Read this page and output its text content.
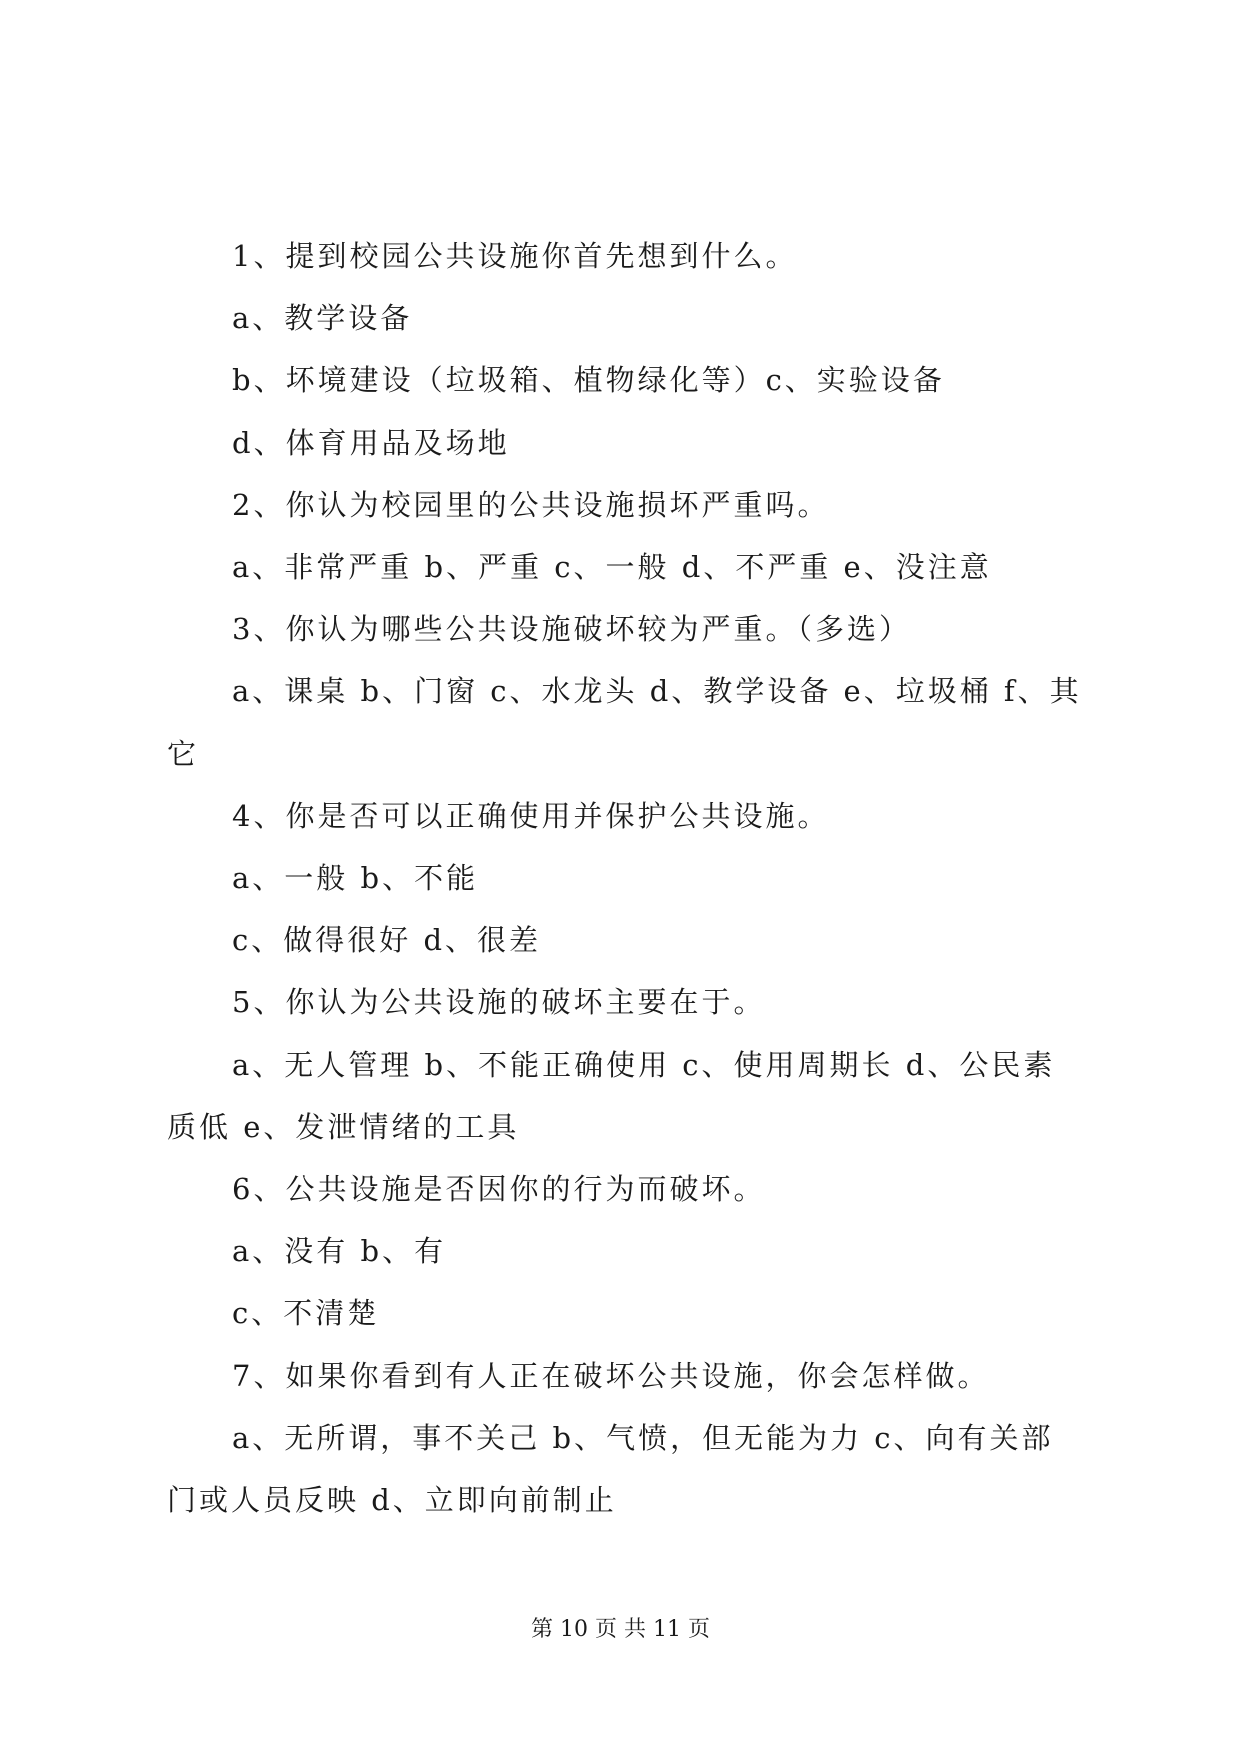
1、提到校园公共设施你首先想到什么。

a、教学设备

b、坏境建设（垃圾箱、植物绿化等）c、实验设备

d、体育用品及场地

2、你认为校园里的公共设施损坏严重吗。

a、非常严重 b、严重 c、一般 d、不严重 e、没注意

3、你认为哪些公共设施破坏较为严重。（多选）

a、课桌 b、门窗 c、水龙头 d、教学设备 e、垃圾桶 f、其它

4、你是否可以正确使用并保护公共设施。

a、一般 b、不能

c、做得很好 d、很差

5、你认为公共设施的破坏主要在于。

a、无人管理 b、不能正确使用 c、使用周期长 d、公民素质低 e、发泄情绪的工具

6、公共设施是否因你的行为而破坏。

a、没有 b、有

c、不清楚

7、如果你看到有人正在破坏公共设施，你会怎样做。

a、无所谓，事不关己 b、气愤，但无能为力 c、向有关部门或人员反映 d、立即向前制止

第 10 页 共 11 页
